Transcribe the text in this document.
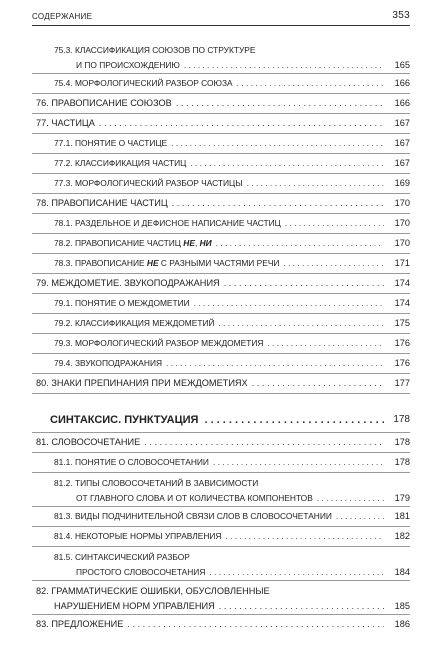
СОДЕРЖАНИЕ	353
75.3. КЛАССИФИКАЦИЯ СОЮЗОВ ПО СТРУКТУРЕ
И ПО ПРОИСХОЖДЕНИЮ . . .	165
75.4. МОРФОЛОГИЧЕСКИЙ РАЗБОР СОЮЗА . . .	166
76. ПРАВОПИСАНИЕ СОЮЗОВ . . .	166
77. ЧАСТИЦА . . .	167
77.1. ПОНЯТИЕ О ЧАСТИЦЕ . . .	167
77.2. КЛАССИФИКАЦИЯ ЧАСТИЦ . . .	167
77.3. МОРФОЛОГИЧЕСКИЙ РАЗБОР ЧАСТИЦЫ . . .	169
78. ПРАВОПИСАНИЕ ЧАСТИЦ . . .	170
78.1. РАЗДЕЛЬНОЕ И ДЕФИСНОЕ НАПИСАНИЕ ЧАСТИЦ . . .	170
78.2. ПРАВОПИСАНИЕ ЧАСТИЦ НЕ, НИ . . .	170
78.3. ПРАВОПИСАНИЕ НЕ С РАЗНЫМИ ЧАСТЯМИ РЕЧИ . . .	171
79. МЕЖДОМЕТИЕ. ЗВУКОПОДРАЖАНИЯ . . .	174
79.1. ПОНЯТИЕ О МЕЖДОМЕТИИ . . .	174
79.2. КЛАССИФИКАЦИЯ МЕЖДОМЕТИЙ . . .	175
79.3. МОРФОЛОГИЧЕСКИЙ РАЗБОР МЕЖДОМЕТИЯ . . .	176
79.4. ЗВУКОПОДРАЖАНИЯ . . .	176
80. ЗНАКИ ПРЕПИНАНИЯ ПРИ МЕЖДОМЕТИЯХ . . .	177
СИНТАКСИС. ПУНКТУАЦИЯ . . .	178
81. СЛОВОСОЧЕТАНИЕ . . .	178
81.1. ПОНЯТИЕ О СЛОВОСОЧЕТАНИИ . . .	178
81.2. ТИПЫ СЛОВОСОЧЕТАНИЙ В ЗАВИСИМОСТИ
ОТ ГЛАВНОГО СЛОВА И ОТ КОЛИЧЕСТВА КОМПОНЕНТОВ . . .	179
81.3. ВИДЫ ПОДЧИНИТЕЛЬНОЙ СВЯЗИ СЛОВ В СЛОВОСОЧЕТАНИИ . . .	181
81.4. НЕКОТОРЫЕ НОРМЫ УПРАВЛЕНИЯ . . .	182
81.5. СИНТАКСИЧЕСКИЙ РАЗБОР
ПРОСТОГО СЛОВОСОЧЕТАНИЯ . . .	184
82. ГРАММАТИЧЕСКИЕ ОШИБКИ, ОБУСЛОВЛЕННЫЕ
НАРУШЕНИЕМ НОРМ УПРАВЛЕНИЯ . . .	185
83. ПРЕДЛОЖЕНИЕ . . .	186
